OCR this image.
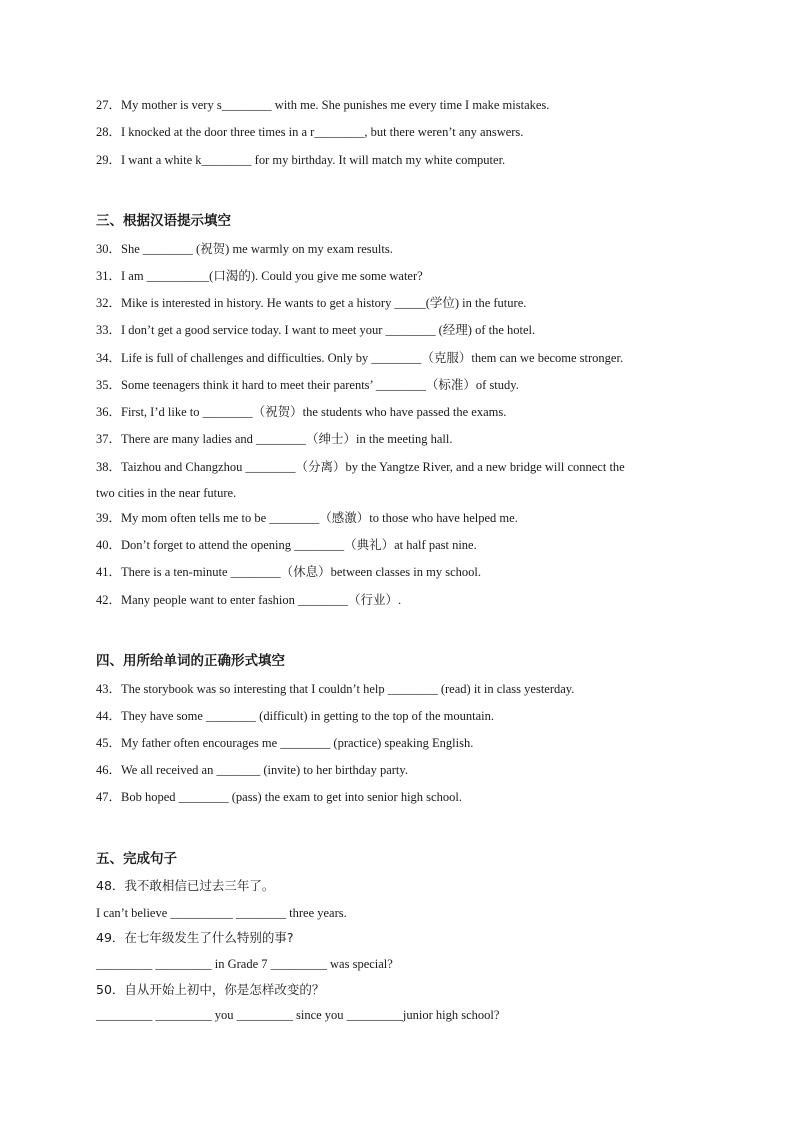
27．My mother is very s________ with me. She punishes me every time I make mistakes.
28．I knocked at the door three times in a r________, but there weren’t any answers.
29．I want a white k________ for my birthday. It will match my white computer.
三、根据汉语提示填空
30．She ________ (祝贺) me warmly on my exam results.
31．I am __________(口渴的). Could you give me some water?
32．Mike is interested in history. He wants to get a history _____(学位) in the future.
33．I don’t get a good service today. I want to meet your ________ (经理) of the hotel.
34．Life is full of challenges and difficulties. Only by ________（克服）them can we become stronger.
35．Some teenagers think it hard to meet their parents’ ________（标准）of study.
36．First, I’d like to ________（祝贺）the students who have passed the exams.
37．There are many ladies and ________（绅士）in the meeting hall.
38．Taizhou and Changzhou ________（分离）by the Yangtze River, and a new bridge will connect the
two cities in the near future.
39．My mom often tells me to be ________（感激）to those who have helped me.
40．Don’t forget to attend the opening ________（典礼）at half past nine.
41．There is a ten-minute ________（休息）between classes in my school.
42．Many people want to enter fashion ________（行业）.
四、用所给单词的正确形式填空
43．The storybook was so interesting that I couldn’t help ________ (read) it in class yesterday.
44．They have some ________ (difficult) in getting to the top of the mountain.
45．My father often encourages me ________ (practice) speaking English.
46．We all received an _______ (invite) to her birthday party.
47．Bob hoped ________ (pass) the exam to get into senior high school.
五、完成句子
48．我不敢相信已过去三年了。
I can’t believe __________ ________ three years.
49．在七年级发生了什么特别的事?
_________ _________ in Grade 7 _________ was special?
50．自从开始上初中，你是怎样改变的？
_________ _________ you _________ since you _________junior high school?
